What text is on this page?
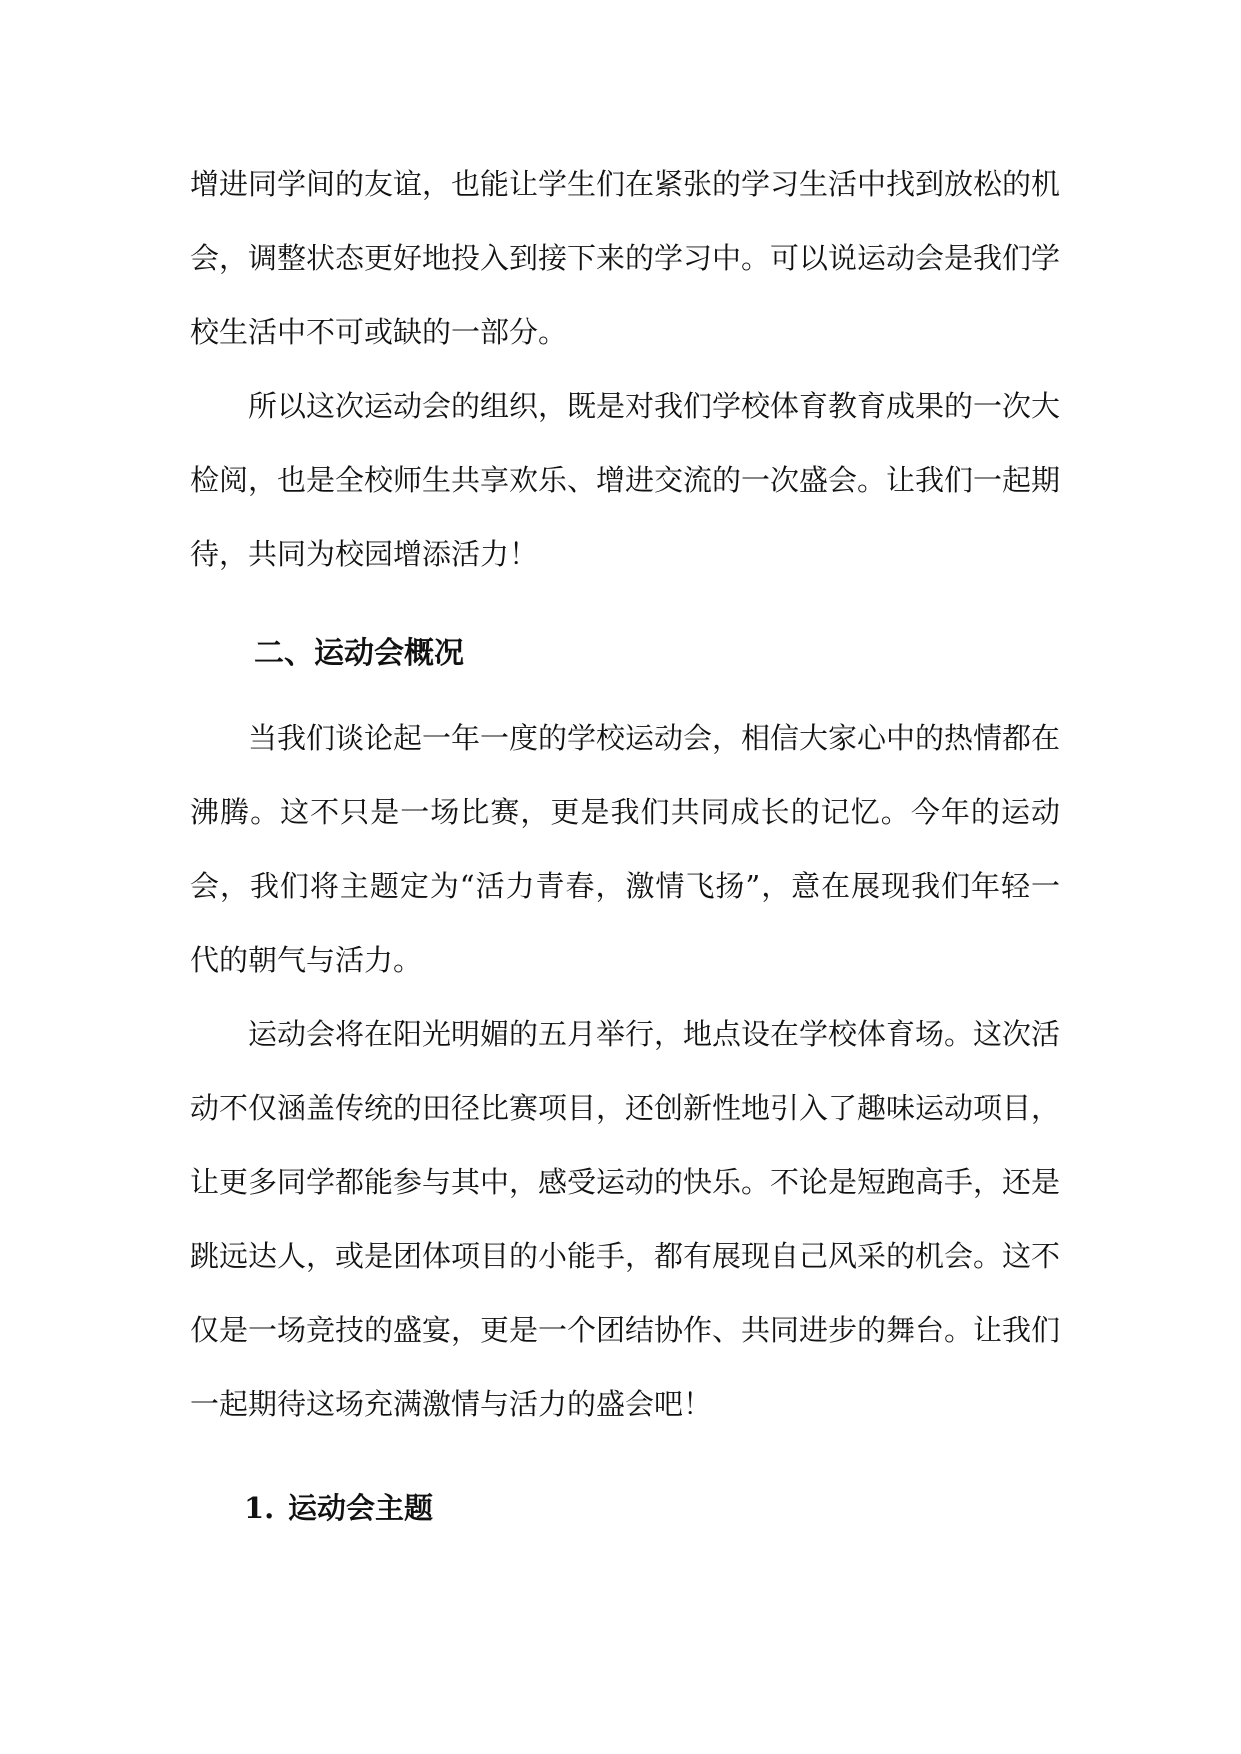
增进同学间的友谊，也能让学生们在紧张的学习生活中找到放松的机会，调整状态更好地投入到接下来的学习中。可以说运动会是我们学校生活中不可或缺的一部分。

所以这次运动会的组织，既是对我们学校体育教育成果的一次大检阅，也是全校师生共享欢乐、增进交流的一次盛会。让我们一起期待，共同为校园增添活力！

二、运动会概况

当我们谈论起一年一度的学校运动会，相信大家心中的热情都在沸腾。这不只是一场比赛，更是我们共同成长的记忆。今年的运动会，我们将主题定为“活力青春，激情飞扬”，意在展现我们年轻一代的朝气与活力。

运动会将在阳光明媚的五月举行，地点设在学校体育场。这次活动不仅涵盖传统的田径比赛项目，还创新性地引入了趣味运动项目，让更多同学都能参与其中，感受运动的快乐。不论是短跑高手，还是跳远达人，或是团体项目的小能手，都有展现自己风采的机会。这不仅是一场竞技的盛宴，更是一个团结协作、共同进步的舞台。让我们一起期待这场充满激情与活力的盛会吧！

1. 运动会主题
